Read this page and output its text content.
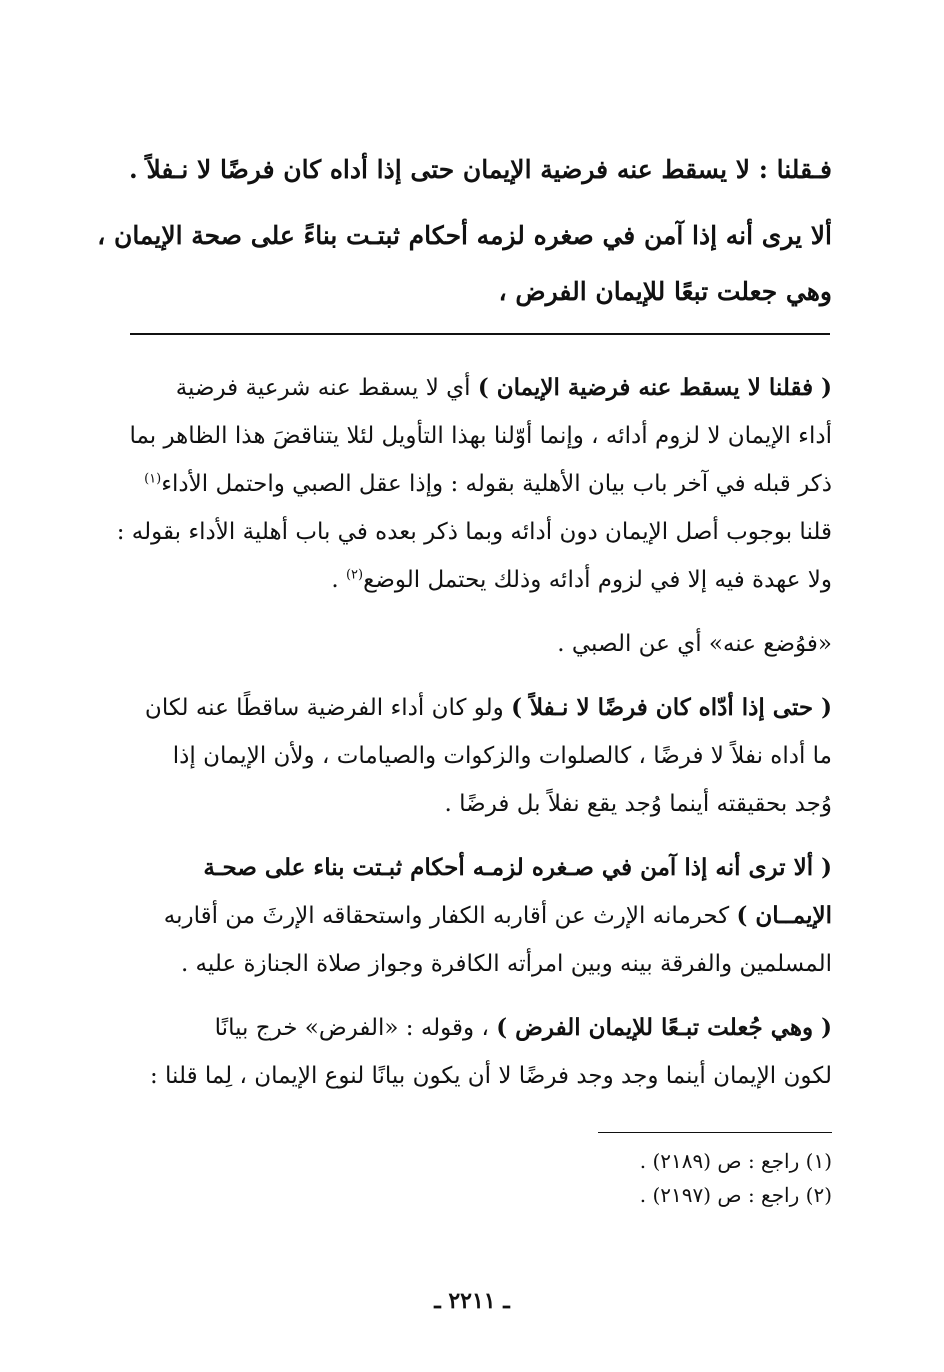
فـقلنا : لا يسقط عنه فرضية الإيمان حتى إذا أداه كان فرضًا لا نـفلاً .

ألا يرى أنه إذا آمن في صغره لزمه أحكام ثبتـت بناءً على صحة الإيمان ،

وهي جعلت تبعًا للإيمان الفرض ،

( فقلنا لا يسقط عنه فرضية الإيمان ) أي لا يسقط عنه شرعية فرضية
أداء الإيمان لا لزوم أدائه ، وإنما أوّلنا بهذا التأويل لئلا يتناقضَ هذا الظاهر بما
ذكر قبله في آخر باب بيان الأهلية بقوله : وإذا عقل الصبي واحتمل الأداء$^{(١)}$
قلنا بوجوب أصل الإيمان دون أدائه وبما ذكر بعده في باب أهلية الأداء بقوله :
ولا عهدة فيه إلا في لزوم أدائه وذلك يحتمل الوضع$^{(٢)}$ .

«فوُضع عنه» أي عن الصبي .

( حتى إذا أدّاه كان فرضًا لا نـفلاً ) ولو كان أداء الفرضية ساقطًا عنه لكان
ما أداه نفلاً لا فرضًا ، كالصلوات والزكوات والصيامات ، ولأن الإيمان إذا
وُجد بحقيقته أينما وُجد يقع نفلاً بل فرضًا .

( ألا ترى أنه إذا آمن في صـغره لزمـه أحكام ثبـتت بناء على صحـة
الإيمــان ) كحرمانه الإرث عن أقاربه الكفار واستحقاقه الإرثَ من أقاربه
المسلمين والفرقة بينه وبين امرأته الكافرة وجواز صلاة الجنازة عليه .

( وهي جُعلت تبـعًا للإيمان الفرض ) ، وقوله : «الفرض» خرج بيانًا
لكون الإيمان أينما وجد وجد فرضًا لا أن يكون بيانًا لنوع الإيمان ، لِما قلنا :

(١) راجع : ص (٢١٨٩) .
(٢) راجع : ص (٢١٩٧) .
ـ ٢٢١١ ـ
